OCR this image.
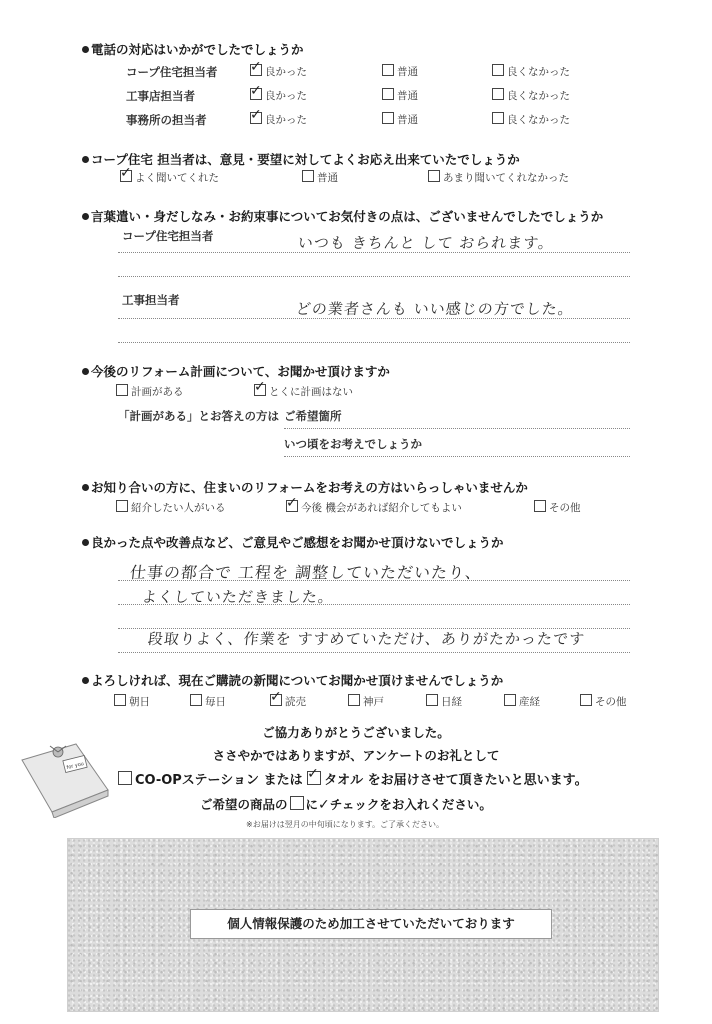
電話の対応はいかがでしたでしょうか
コープ住宅担当者 ✓	良かった	普通	良くなかった
工事店担当者 ✓	良かった	普通	良くなかった
事務所の担当者 ✓	良かった	普通	良くなかった
コープ住宅 担当者は、意見・要望に対してよくお応え出来ていたでしょうか
✓よく聞いてくれた	普通	あまり聞いてくれなかった
言葉遣い・身だしなみ・お約束事についてお気付きの点は、ございませんでしたでしょうか
コープ住宅担当者	いつも きちんと して おられます。
工事担当者	どの業者さんも いい感じの方でした。
今後のリフォーム計画について、お聞かせ頂けますか
計画がある ✓	とくに計画はない
「計画がある」とお答えの方は ご希望箇所
いつ頃をお考えでしょうか
お知り合いの方に、住まいのリフォームをお考えの方はいらっしゃいませんか
紹介したい人がいる ✓	今後 機会があれば紹介してもよい	その他
良かった点や改善点など、ご意見やご感想をお聞かせ頂けないでしょうか
仕事の都合で 工程を 調整していただいたり、
よくしていただきました。
段取りよく、作業を すすめていただけ、ありがたかったです
よろしければ、現在ご購読の新聞についてお聞かせ頂けませんでしょうか
朝日	毎日 ✓	読売	神戸	日経	産経	その他
for you
ご協力ありがとうございました。
ささやかではありますが、アンケートのお礼として
CO-OPステーション または ✓ タオル をお届けさせて頂きたいと思います。
ご希望の商品の に✓チェックをお入れください。
※お届けは翌月の中旬頃になります。ご了承ください。
個人情報保護のため加工させていただいております
